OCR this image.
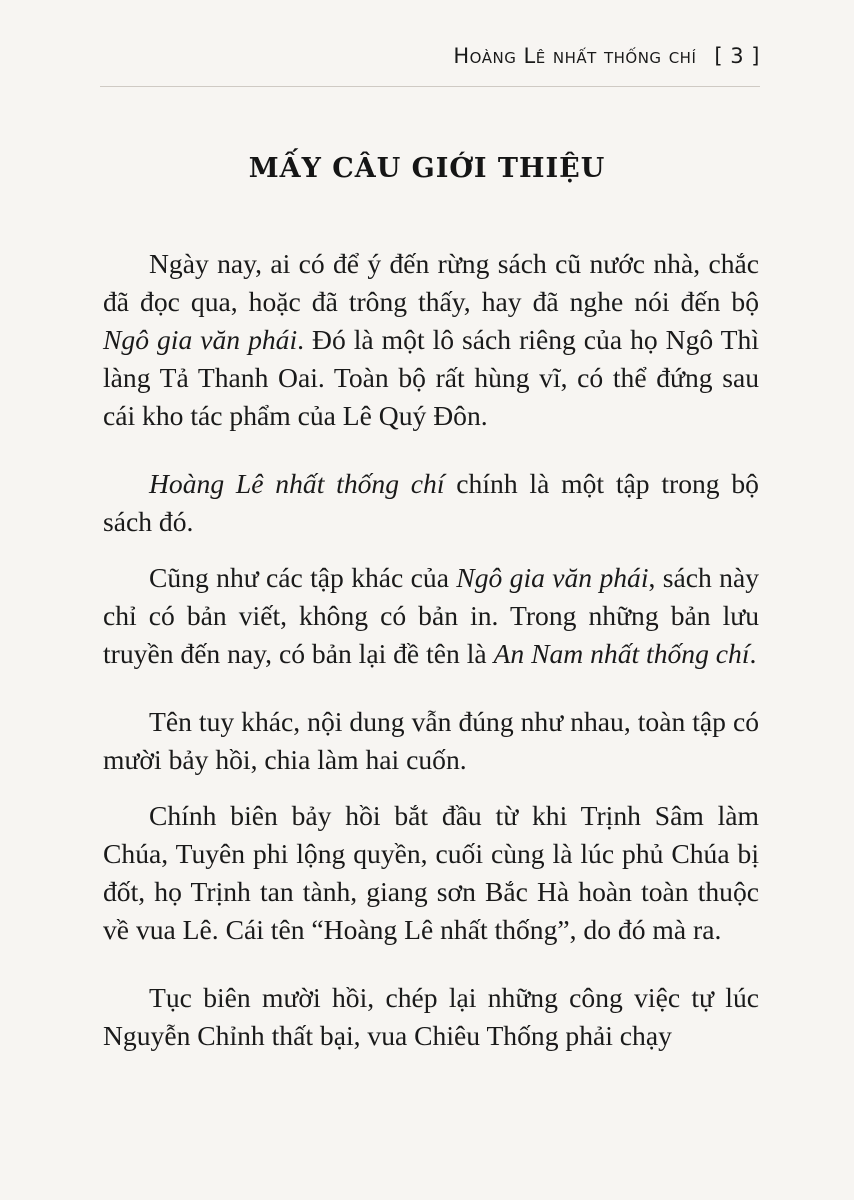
Hoàng Lê nhất thống chí [ 3 ]
MẤY CÂU GIỚI THIỆU

Ngày nay, ai có để ý đến rừng sách cũ nước nhà, chắc đã đọc qua, hoặc đã trông thấy, hay đã nghe nói đến bộ Ngô gia văn phái. Đó là một lô sách riêng của họ Ngô Thì làng Tả Thanh Oai. Toàn bộ rất hùng vĩ, có thể đứng sau cái kho tác phẩm của Lê Quý Đôn.

Hoàng Lê nhất thống chí chính là một tập trong bộ sách đó.

Cũng như các tập khác của Ngô gia văn phái, sách này chỉ có bản viết, không có bản in. Trong những bản lưu truyền đến nay, có bản lại đề tên là An Nam nhất thống chí.

Tên tuy khác, nội dung vẫn đúng như nhau, toàn tập có mười bảy hồi, chia làm hai cuốn.

Chính biên bảy hồi bắt đầu từ khi Trịnh Sâm làm Chúa, Tuyên phi lộng quyền, cuối cùng là lúc phủ Chúa bị đốt, họ Trịnh tan tành, giang sơn Bắc Hà hoàn toàn thuộc về vua Lê. Cái tên “Hoàng Lê nhất thống”, do đó mà ra.

Tục biên mười hồi, chép lại những công việc tự lúc Nguyễn Chỉnh thất bại, vua Chiêu Thống phải chạy
